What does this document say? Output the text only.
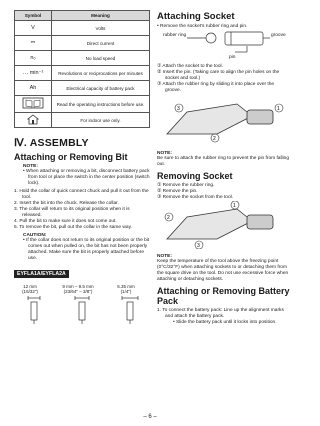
Symbol	Meaning
V	Volts
⎓	Direct current
n₀	No load speed
… min⁻¹	Revolutions or reciprocations per minutes
Ah	Electrical capacity of battery pack
	Read the operating instructions before use.
	For indoor use only.
Ⅳ. ASSEMBLY
Attaching or Removing Bit
NOTE:
• When attaching or removing a bit, disconnect battery pack from tool or place the switch in the center position (switch lock).
1. Hold the collar of quick connect chuck and pull it out from the tool.
2. Insert the bit into the chuck. Release the collar.
3. The collar will return to its original position when it is released.
4. Pull the bit to make sure it does not come out.
5. To remove the bit, pull out the collar in the same way.
CAUTION:
• If the collar does not return to its original position or the bit comes out when pulled on, the bit has not been properly attached. Make sure the bit is properly attached before use.
EYFLA1A/EYFLA2A
12 mm
(15/32")
9 mm – 9.5 mm
(23/64" – 3/8")
6.35 mm
(1/4")
Attaching Socket
• Remove the socket's rubber ring and pin.
rubber ring	groove
pin
① Attach the socket to the tool.
② Insert the pin. (Taking care to align the pin holes on the socket and tool.)
③ Attach the rubber ring by sliding it into place over the groove.
3
2
1
NOTE:
Be sure to attach the rubber ring to prevent the pin from falling out.
Removing Socket
① Remove the rubber ring.
② Remove the pin.
③ Remove the socket from the tool.
2
3
1
NOTE:
Keep the temperature of the tool above the freezing point (0°C/32°F) when attaching sockets to or detaching them from the square drive on the tool. Do not use excessive force when attaching or detaching sockets.
Attaching or Removing Battery Pack
1. To connect the battery pack: Line up the alignment marks and attach the battery pack.
• Slide the battery pack until it locks into position.
– 6 –
